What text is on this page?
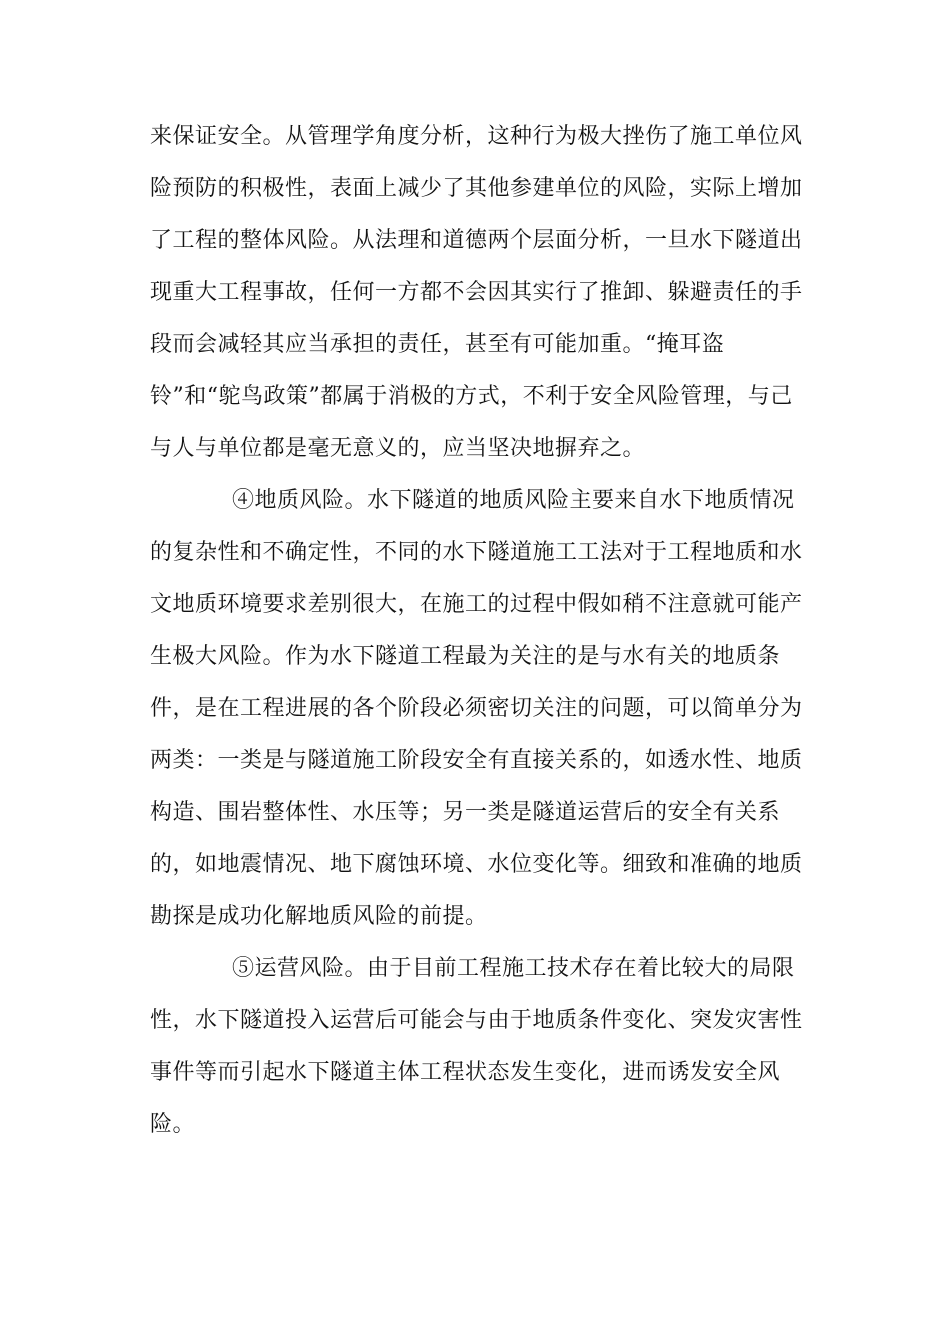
来保证安全。从管理学角度分析，这种行为极大挫伤了施工单位风
险预防的积极性，表面上减少了其他参建单位的风险，实际上增加
了工程的整体风险。从法理和道德两个层面分析，一旦水下隧道出
现重大工程事故，任何一方都不会因其实行了推卸、躲避责任的手
段而会减轻其应当承担的责任，甚至有可能加重。“掩耳盗
铃”和“鸵鸟政策”都属于消极的方式，不利于安全风险管理，与己
与人与单位都是毫无意义的，应当坚决地摒弃之。
④地质风险。水下隧道的地质风险主要来自水下地质情况
的复杂性和不确定性，不同的水下隧道施工工法对于工程地质和水
文地质环境要求差别很大，在施工的过程中假如稍不注意就可能产
生极大风险。作为水下隧道工程最为关注的是与水有关的地质条
件，是在工程进展的各个阶段必须密切关注的问题，可以简单分为
两类：一类是与隧道施工阶段安全有直接关系的，如透水性、地质
构造、围岩整体性、水压等；另一类是隧道运营后的安全有关系
的，如地震情况、地下腐蚀环境、水位变化等。细致和准确的地质
勘探是成功化解地质风险的前提。
⑤运营风险。由于目前工程施工技术存在着比较大的局限
性，水下隧道投入运营后可能会与由于地质条件变化、突发灾害性
事件等而引起水下隧道主体工程状态发生变化，进而诱发安全风
险。
